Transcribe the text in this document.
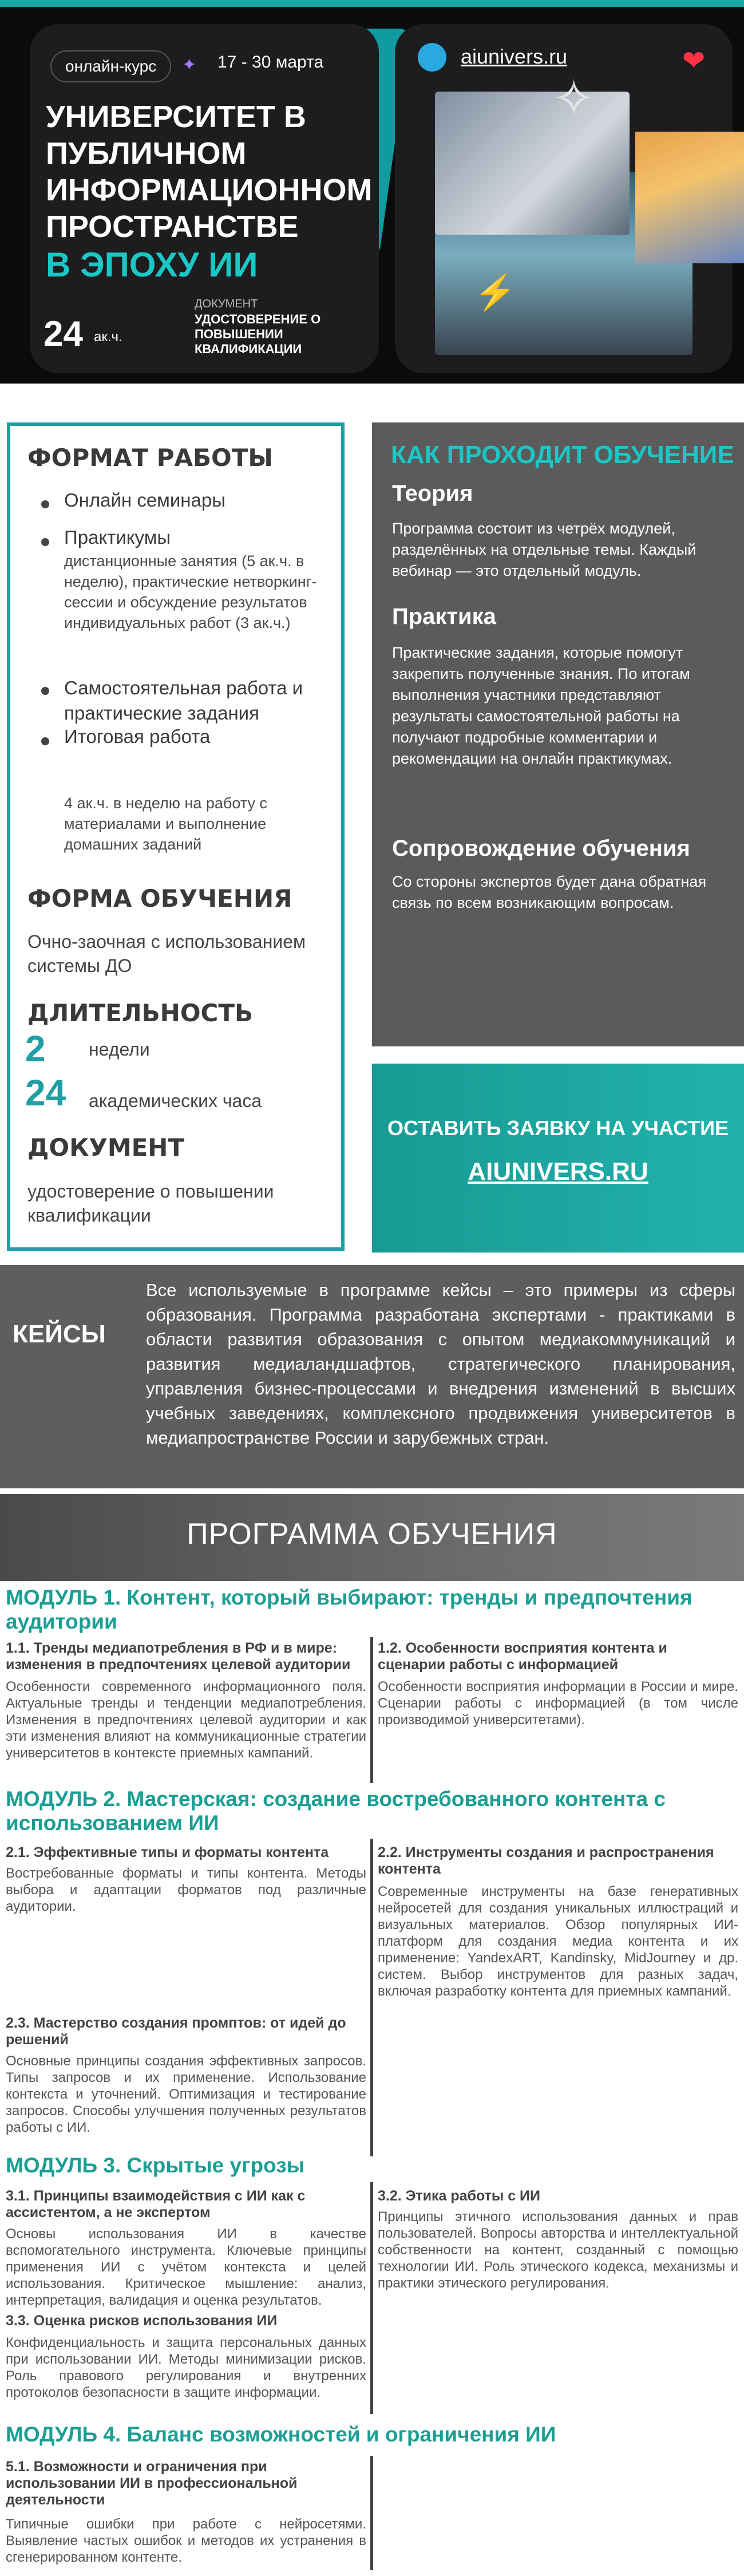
онлайн-курс	✦ 17 - 30 марта
УНИВЕРСИТЕТ В ПУБЛИЧНОМ ИНФОРМАЦИОННОМ ПРОСТРАНСТВЕ
В ЭПОХУ ИИ
24 ак.ч.
ДОКУМЕНТ
УДОСТОВЕРЕНИЕ О ПОВЫШЕНИИ КВАЛИФИКАЦИИ
aiunivers.ru	❤
✧
⚡
ФОРМАТ РАБОТЫ
Онлайн семинары
Практикумы
дистанционные занятия (5 ак.ч. в неделю), практические нетворкинг-сессии и обсуждение результатов индивидуальных работ (3 ак.ч.)
Самостоятельная работа и практические задания
Итоговая работа
4 ак.ч. в неделю на работу с материалами и выполнение домашних заданий
ФОРМА ОБУЧЕНИЯ
Очно-заочная с использованием системы ДО
ДЛИТЕЛЬНОСТЬ
2 недели
24 академических часа
ДОКУМЕНТ
удостоверение о повышении квалификации
КАК ПРОХОДИТ ОБУЧЕНИЕ
Теория
Программа состоит из четрёх модулей, разделённых на отдельные темы. Каждый вебинар — это отдельный модуль.
Практика
Практические задания, которые помогут закрепить полученные знания. По итогам выполнения участники представляют результаты самостоятельной работы на получают подробные комментарии и рекомендации на онлайн практикумах.
Сопровождение обучения
Со стороны экспертов будет дана обратная связь по всем возникающим вопросам.
ОСТАВИТЬ ЗАЯВКУ НА УЧАСТИЕ
AIUNIVERS.RU
КЕЙСЫ
Все используемые в программе кейсы – это примеры из сферы образования. Программа разработана экспертами - практиками в области развития образования с опытом медиакоммуникаций и развития медиаландшафтов, стратегического планирования, управления бизнес-процессами и внедрения изменений в высших учебных заведениях, комплексного продвижения университетов в медиапространстве России и зарубежных стран.
ПРОГРАММА ОБУЧЕНИЯ
МОДУЛЬ 1. Контент, который выбирают: тренды и предпочтения аудитории
1.1. Тренды медиапотребления в РФ и в мире: изменения в предпочтениях целевой аудитории
Особенности современного информационного поля. Актуальные тренды и тенденции медиапотребления. Изменения в предпочтениях целевой аудитории и как эти изменения влияют на коммуникационные стратегии университетов в контексте приемных кампаний.
1.2. Особенности восприятия контента и сценарии работы с информацией
Особенности восприятия информации в России и мире. Сценарии работы с информацией (в том числе производимой университетами).
МОДУЛЬ 2. Мастерская: создание востребованного контента с использованием ИИ
2.1. Эффективные типы и форматы контента
Востребованные форматы и типы контента. Методы выбора и адаптации форматов под различные аудитории.
2.2. Инструменты создания и распространения контента
Современные инструменты на базе генеративных нейросетей для создания уникальных иллюстраций и визуальных материалов. Обзор популярных ИИ-платформ для создания медиа контента и их применение: YandexART, Kandinsky, MidJourney и др. систем. Выбор инструментов для разных задач, включая разработку контента для приемных кампаний.
2.3. Мастерство создания промптов: от идей до решений
Основные принципы создания эффективных запросов. Типы запросов и их применение. Использование контекста и уточнений. Оптимизация и тестирование запросов. Способы улучшения полученных результатов работы с ИИ.
МОДУЛЬ 3. Скрытые угрозы
3.1. Принципы взаимодействия с ИИ как с ассистентом, а не экспертом
Основы использования ИИ в качестве вспомогательного инструмента. Ключевые принципы применения ИИ с учётом контекста и целей использования. Критическое мышление: анализ, интерпретация, валидация и оценка результатов.
3.2. Этика работы с ИИ
Принципы этичного использования данных и прав пользователей. Вопросы авторства и интеллектуальной собственности на контент, созданный с помощью технологии ИИ. Роль этического кодекса, механизмы и практики этического регулирования.
3.3. Оценка рисков использования ИИ
Конфиденциальность и защита персональных данных при использовании ИИ. Методы минимизации рисков. Роль правового регулирования и внутренних протоколов безопасности в защите информации.
МОДУЛЬ 4. Баланс возможностей и ограничения ИИ
5.1. Возможности и ограничения при использовании ИИ в профессиональной деятельности
Типичные ошибки при работе с нейросетями. Выявление частых ошибок и методов их устранения в сгенерированном контенте.
